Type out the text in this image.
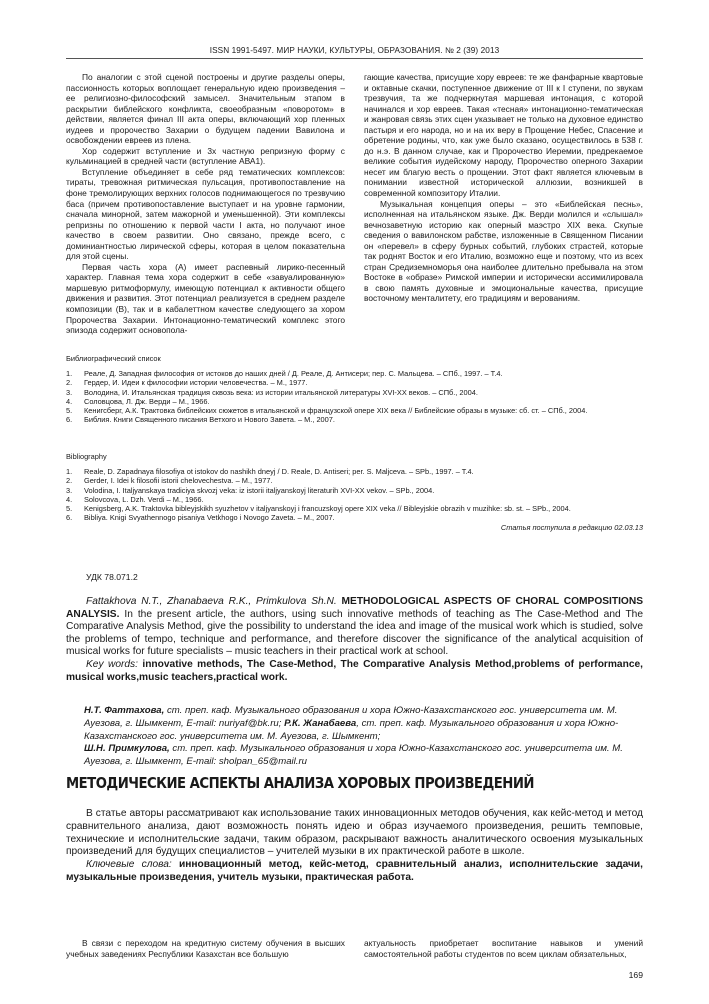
ISSN 1991-5497. МИР НАУКИ, КУЛЬТУРЫ, ОБРАЗОВАНИЯ. № 2 (39) 2013

По аналогии с этой сценой построены и другие разделы оперы, пассионность которых воплощает генеральную идею произведения – ее религиозно-философский замысел. Значительным этапом в раскрытии библейского конфликта, своеобразным «поворотом» в действии, является финал III акта оперы, включающий хор пленных иудеев и пророчество Захарии о будущем падении Вавилона и освобождении евреев из плена.

Хор содержит вступление и 3х частную репризную форму с кульминацией в средней части (вступление АВА1).

Вступление объединяет в себе ряд тематических комплексов: тираты, тревожная ритмическая пульсация, противопоставление на фоне тремолирующих верхних голосов поднимающегося по трезвучию баса (причем противопоставление выступает и на уровне гармонии, сначала минорной, затем мажорной и уменьшенной). Эти комплексы репризны по отношению к первой части I акта, но получают иное качество в своем развитии. Оно связано, прежде всего, с доминиантностью лирической сферы, которая в целом показательна для этой сцены.

Первая часть хора (А) имеет распевный лирико-песенный характер. Главная тема хора содержит в себе «завуалированную» маршевую ритмоформулу, имеющую потенциал к активности общего движения и развития. Этот потенциал реализуется в среднем разделе композиции (В), так и в кабалеттном качестве следующего за хором Пророчества Захарии. Интонационно-тематический комплекс этого эпизода содержит основопола-

гающие качества, присущие хору евреев: те же фанфарные квартовые и октавные скачки, поступенное движение от III к I ступени, по звукам трезвучия, та же подчеркнутая маршевая интонация, с которой начинался и хор евреев. Такая «тесная» интонационно-тематическая и жанровая связь этих сцен указывает не только на духовное единство пастыря и его народа, но и на их веру в Прощение Небес, Спасение и обретение родины, что, как уже было сказано, осуществилось в 538 г. до н.э. В данном случае, как и Пророчество Иеремии, предрекаемое великие события иудейскому народу, Пророчество оперного Захарии несет им благую весть о прощении. Этот факт является ключевым в понимании известной исторической аллюзии, возникшей в современной композитору Италии.

Музыкальная концепция оперы – это «Библейская песнь», исполненная на итальянском языке. Дж. Верди молился и «слышал» вечнозаветную историю как оперный маэстро XIX века. Скупые сведения о вавилонском рабстве, изложенные в Священном Писании он «перевел» в сферу бурных событий, глубоких страстей, которые так роднят Восток и его Италию, возможно еще и поэтому, что из всех стран Средиземноморья она наиболее длительно пребывала на этом Востоке в «образе» Римской империи и исторически ассимилировала в свою память духовные и эмоциональные качества, присущие восточному менталитету, его традициям и верованиям.

Библиографический список

1. Реале, Д. Западная философия от истоков до наших дней / Д. Реале, Д. Антисери; пер. С. Мальцева. – СПб., 1997. – Т.4.
2. Гердер, И. Идеи к философии истории человечества. – М., 1977.
3. Володина, И. Итальянская традиция сквозь века: из истории итальянской литературы XVI-XX веков. – СПб., 2004.
4. Соловцова, Л. Дж. Верди – М., 1966.
5. Кенигсберг, А.К. Трактовка библейских сюжетов в итальянской и французской опере XIX века // Библейские образы в музыке: сб. ст. – СПб., 2004.
6. Библия. Книги Священного писания Ветхого и Нового Завета. – М., 2007.

Bibliography

1. Reale, D. Zapadnaya filosofiya ot istokov do nashikh dneyj / D. Reale, D. Antiseri; per. S. Maljceva. – SPb., 1997. – T.4.
2. Gerder, I. Idei k filosofii istorii chelovechestva. – M., 1977.
3. Volodina, I. Italjyanskaya tradiciya skvozj veka: iz istorii italjyanskoyj literaturih XVI-XX vekov. – SPb., 2004.
4. Solovcova, L. Dzh. Verdi – M., 1966.
5. Kenigsberg, A.K. Traktovka bibleyjskikh syuzhetov v italjyanskoyj i francuzskoyj opere XIX veka // Bibleyjskie obrazih v muzihke: sb. st. – SPb., 2004.
6. Bibliya. Knigi Svyathennogo pisaniya Vetkhogo i Novogo Zaveta. – M., 2007.
Статья поступила в редакцию 02.03.13
УДК 78.071.2

Fattakhova N.T., Zhanabaeva R.K., Primkulova Sh.N. METHODOLOGICAL ASPECTS OF CHORAL COMPOSITIONS ANALYSIS. In the present article, the authors, using such innovative methods of teaching as The Case-Method and The Comparative Analysis Method, give the possibility to understand the idea and image of the musical work which is studied, solve the problems of tempo, technique and performance, and therefore discover the significance of the analytical acquisition of musical works for future specialists – music teachers in their practical work at school.

Key words: innovative methods, The Case-Method, The Comparative Analysis Method,problems of performance, musical works,music teachers,practical work.

Н.Т. Фаттахова, ст. преп. каф. Музыкального образования и хора Южно-Казахстанского гос. университета им. М. Ауезова, г. Шымкент, E-mail: nuriyaf@bk.ru; Р.К. Жанабаева, ст. преп. каф. Музыкального образования и хора Южно-Казахстанского гос. университета им. М. Ауезова, г. Шымкент;
Ш.Н. Примкулова, ст. преп. каф. Музыкального образования и хора Южно-Казахстанского гос. университета им. М. Ауезова, г. Шымкент, E-mail: sholpan_65@mail.ru
МЕТОДИЧЕСКИЕ АСПЕКТЫ АНАЛИЗА ХОРОВЫХ ПРОИЗВЕДЕНИЙ

В статье авторы рассматривают как использование таких инновационных методов обучения, как кейс-метод и метод сравнительного анализа, дают возможность понять идею и образ изучаемого произведения, решить темповые, технические и исполнительские задачи, таким образом, раскрывают важность аналитического освоения музыкальных произведений для будущих специалистов – учителей музыки в их практической работе в школе.

Ключевые слова: инновационный метод, кейс-метод, сравнительный анализ, исполнительские задачи, музыкальные произведения, учитель музыки, практическая работа.

В связи с переходом на кредитную систему обучения в высших учебных заведениях Республики Казахстан все большую

актуальность приобретает воспитание навыков и умений самостоятельной работы студентов по всем циклам обязательных,

169
